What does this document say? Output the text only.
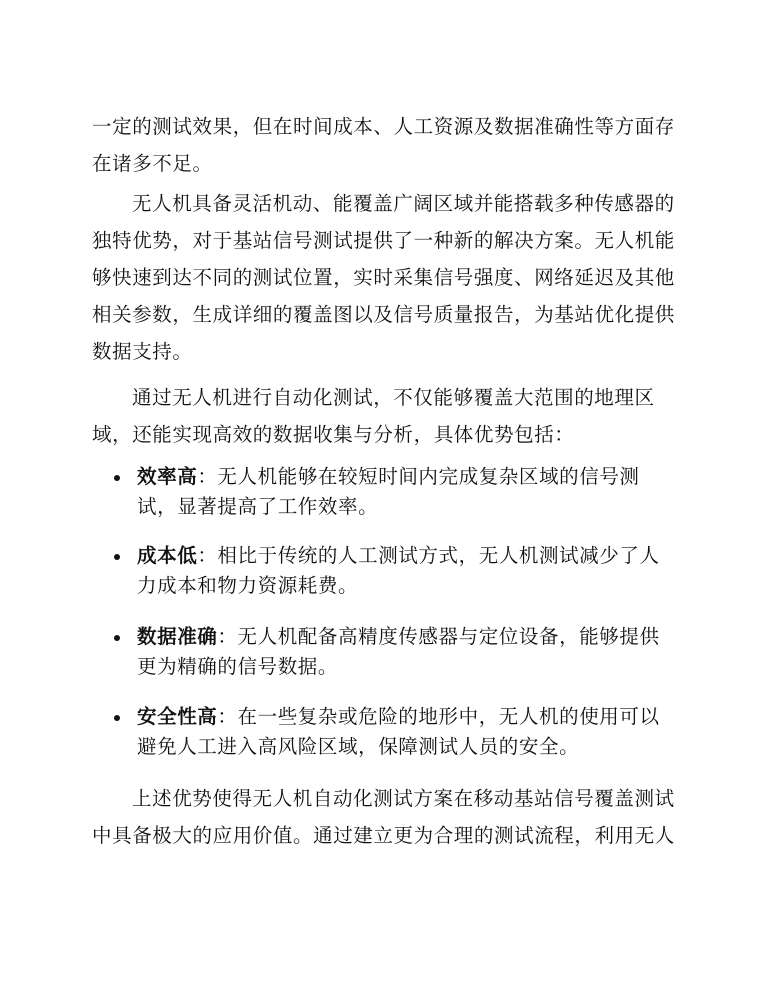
一定的测试效果，但在时间成本、人工资源及数据准确性等方面存
在诸多不足。
无人机具备灵活机动、能覆盖广阔区域并能搭载多种传感器的
独特优势，对于基站信号测试提供了一种新的解决方案。无人机能
够快速到达不同的测试位置，实时采集信号强度、网络延迟及其他
相关参数，生成详细的覆盖图以及信号质量报告，为基站优化提供
数据支持。
通过无人机进行自动化测试，不仅能够覆盖大范围的地理区
域，还能实现高效的数据收集与分析，具体优势包括：
效率高：无人机能够在较短时间内完成复杂区域的信号测
试，显著提高了工作效率。
成本低：相比于传统的人工测试方式，无人机测试减少了人
力成本和物力资源耗费。
数据准确：无人机配备高精度传感器与定位设备，能够提供
更为精确的信号数据。
安全性高：在一些复杂或危险的地形中，无人机的使用可以
避免人工进入高风险区域，保障测试人员的安全。
上述优势使得无人机自动化测试方案在移动基站信号覆盖测试
中具备极大的应用价值。通过建立更为合理的测试流程，利用无人
